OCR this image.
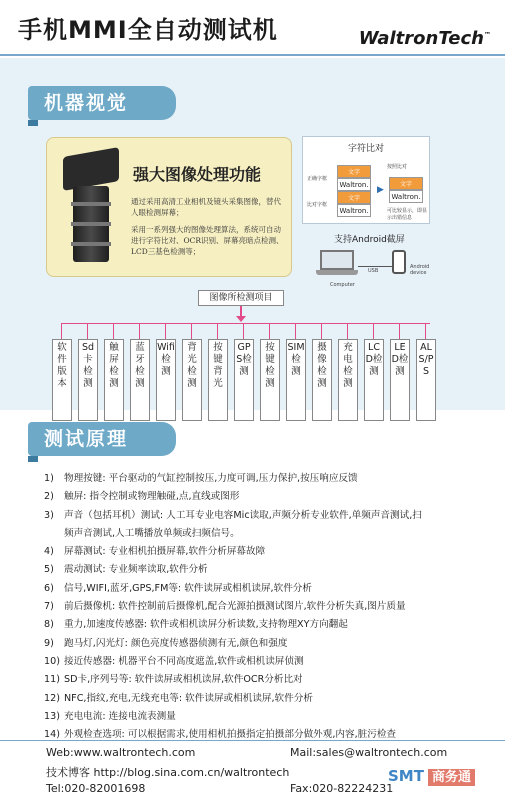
手机MMI全自动测试机	WaltronTech™
机器视觉
强大图像处理功能

通过采用高清工业相机及镜头采集图像，替代人眼检测屏幕；

采用一系列强大的图像处理算法，系统可自动进行字符比对、OCR识别、屏幕亮暗点检测、LCD三基色检测等；

字符比对
正确字框
比对字框
文字
Waltron.
文字
Waltron.
▶
按照比对
文字
Waltron.
可比较显示，即显示出错信息
支持Android截屏
USB
Computer
Android device
图像所检测项目
软件版本
Sd卡检测
触屏检测
蓝牙检测
Wifi检测
背光检测
按键背光
GPS检测
按键检测
SIM检测
摄像检测
充电检测
LCD检测
LED检测
ALS/PS
测试原理
1) 物理按键: 平台驱动的气缸控制按压,力度可调,压力保护,按压响应反馈
2) 触屏: 指令控制或物理触碰,点,直线或图形
3) 声音（包括耳机）测试: 人工耳专业电容Mic读取,声频分析专业软件,单频声音测试,扫
频声音测试,人工嘴播放单频或扫频信号。
4) 屏幕测试: 专业相机拍摄屏幕,软件分析屏幕故障
5) 震动测试: 专业频率读取,软件分析
6) 信号,WIFI,蓝牙,GPS,FM等: 软件读屏或相机读屏,软件分析
7) 前后摄像机: 软件控制前后摄像机,配合光源拍摄测试图片,软件分析失真,图片质量
8) 重力,加速度传感器: 软件或相机读屏分析读数,支持物理XY方向翻起
9) 跑马灯,闪光灯: 颜色亮度传感器侦测有无,颜色和强度
10) 接近传感器: 机器平台不同高度遮盖,软件或相机读屏侦测
11) SD卡,序列号等: 软件读屏或相机读屏,软件OCR分析比对
12) NFC,指纹,充电,无线充电等: 软件读屏或相机读屏,软件分析
13) 充电电流: 连接电流表测量
14) 外观检查选项: 可以根据需求,使用相机拍摄指定拍摄部分做外观,内容,脏污检查
Web:www.waltrontech.com	Mail:sales@waltrontech.com
技术博客 http://blog.sina.com.cn/waltrontech
Tel:020-82001698	Fax:020-82224231
SMT 商务通
